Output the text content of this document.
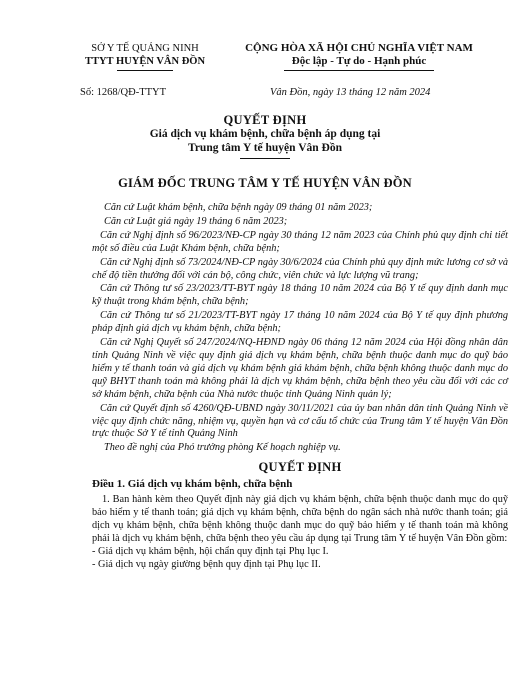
SỞ Y TẾ QUẢNG NINH
TTYT HUYỆN VÂN ĐỒN
CỘNG HÒA XÃ HỘI CHỦ NGHĨA VIỆT NAM
Độc lập - Tự do - Hạnh phúc
Số: 1268/QĐ-TTYT	Vân Đồn, ngày 13 tháng 12 năm 2024
QUYẾT ĐỊNH
Giá dịch vụ khám bệnh, chữa bệnh áp dụng tại
Trung tâm Y tế huyện Vân Đồn
GIÁM ĐỐC TRUNG TÂM Y TẾ HUYỆN VÂN ĐỒN

Căn cứ Luật khám bệnh, chữa bệnh ngày 09 tháng 01 năm 2023;

Căn cứ Luật giá ngày 19 tháng 6 năm 2023;

Căn cứ Nghị định số 96/2023/NĐ-CP ngày 30 tháng 12 năm 2023 của Chính phủ quy định chi tiết một số điều của Luật Khám bệnh, chữa bệnh;

Căn cứ Nghị định số 73/2024/NĐ-CP ngày 30/6/2024 của Chính phủ quy định mức lương cơ sở và chế độ tiền thưởng đối với cán bộ, công chức, viên chức và lực lượng vũ trang;

Căn cứ Thông tư số 23/2023/TT-BYT ngày 18 tháng 10 năm 2024 của Bộ Y tế quy định danh mục kỹ thuật trong khám bệnh, chữa bệnh;

Căn cứ Thông tư số 21/2023/TT-BYT ngày 17 tháng 10 năm 2024 của Bộ Y tế quy định phương pháp định giá dịch vụ khám bệnh, chữa bệnh;

Căn cứ Nghị Quyết số 247/2024/NQ-HĐND ngày 06 tháng 12 năm 2024 của Hội đồng nhân dân tỉnh Quảng Ninh về việc quy định giá dịch vụ khám bệnh, chữa bệnh thuộc danh mục do quỹ bảo hiểm y tế thanh toán và giá dịch vụ khám bệnh giá khám bệnh, chữa bệnh không thuộc danh mục do quỹ BHYT thanh toán mà không phải là dịch vụ khám bệnh, chữa bệnh theo yêu cầu đối với các cơ sở khám bệnh, chữa bệnh của Nhà nước thuộc tỉnh Quảng Ninh quản lý;

Căn cứ Quyết định số 4260/QĐ-UBND ngày 30/11/2021 của ủy ban nhân dân tỉnh Quảng Ninh về việc quy định chức năng, nhiệm vụ, quyền hạn và cơ cấu tổ chức của Trung tâm Y tế huyện Vân Đồn trực thuộc Sở Y tế tỉnh Quảng Ninh

Theo đề nghị của Phó trưởng phòng Kế hoạch nghiệp vụ.

QUYẾT ĐỊNH

Điều 1. Giá dịch vụ khám bệnh, chữa bệnh

1. Ban hành kèm theo Quyết định này giá dịch vụ khám bệnh, chữa bệnh thuộc danh mục do quỹ bảo hiểm y tế thanh toán; giá dịch vụ khám bệnh, chữa bệnh do ngân sách nhà nước thanh toán; giá dịch vụ khám bệnh, chữa bệnh không thuộc danh mục do quỹ bảo hiểm y tế thanh toán mà không phải là dịch vụ khám bệnh, chữa bệnh theo yêu cầu áp dụng tại Trung tâm Y tế huyện Vân Đồn gồm:

- Giá dịch vụ khám bệnh, hội chẩn quy định tại Phụ lục I.

- Giá dịch vụ ngày giường bệnh quy định tại Phụ lục II.
